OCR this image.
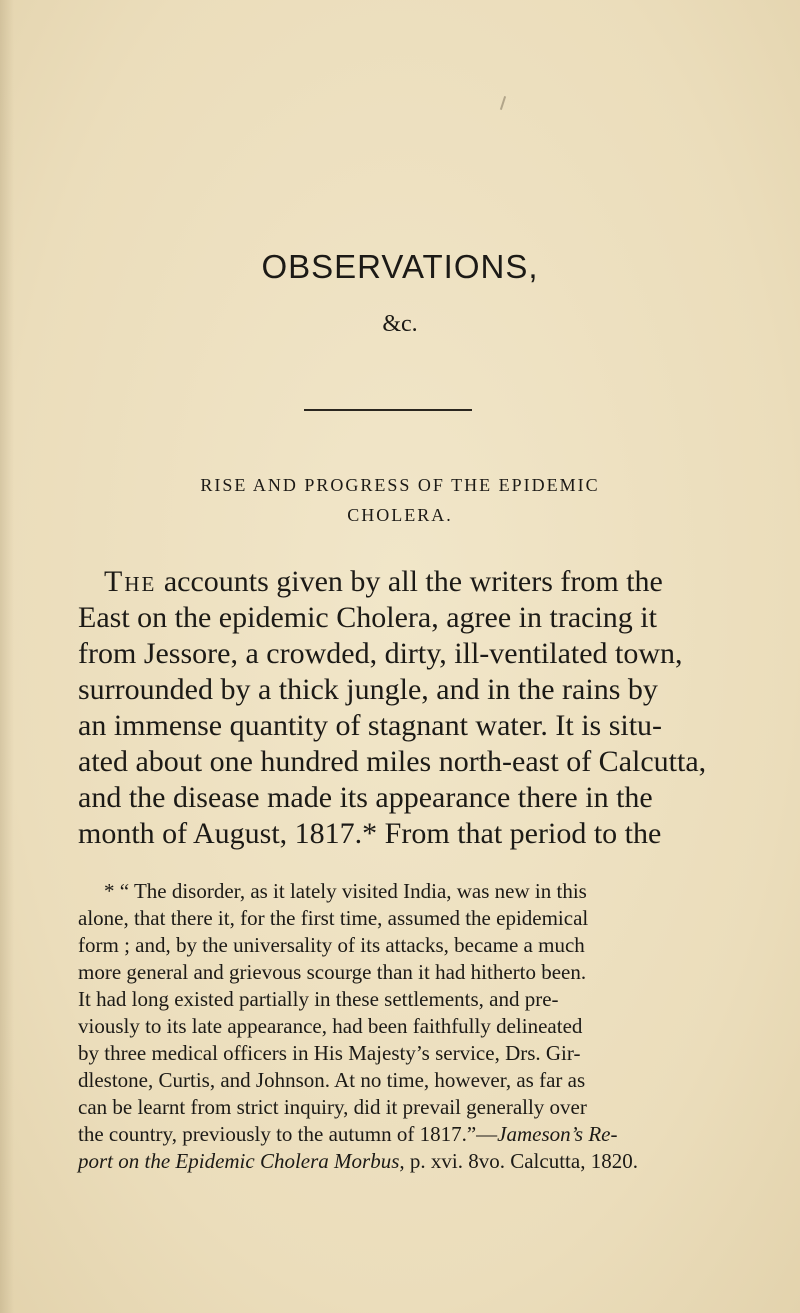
OBSERVATIONS,
&c.
RISE AND PROGRESS OF THE EPIDEMIC
CHOLERA.
The accounts given by all the writers from the
East on the epidemic Cholera, agree in tracing it
from Jessore, a crowded, dirty, ill-ventilated town,
surrounded by a thick jungle, and in the rains by
an immense quantity of stagnant water. It is situ-
ated about one hundred miles north-east of Calcutta,
and the disease made its appearance there in the
month of August, 1817.* From that period to the
* “ The disorder, as it lately visited India, was new in this
alone, that there it, for the first time, assumed the epidemical
form ; and, by the universality of its attacks, became a much
more general and grievous scourge than it had hitherto been.
It had long existed partially in these settlements, and pre-
viously to its late appearance, had been faithfully delineated
by three medical officers in His Majesty’s service, Drs. Gir-
dlestone, Curtis, and Johnson. At no time, however, as far as
can be learnt from strict inquiry, did it prevail generally over
the country, previously to the autumn of 1817.”—Jameson’s Re-
port on the Epidemic Cholera Morbus, p. xvi. 8vo. Calcutta, 1820.
